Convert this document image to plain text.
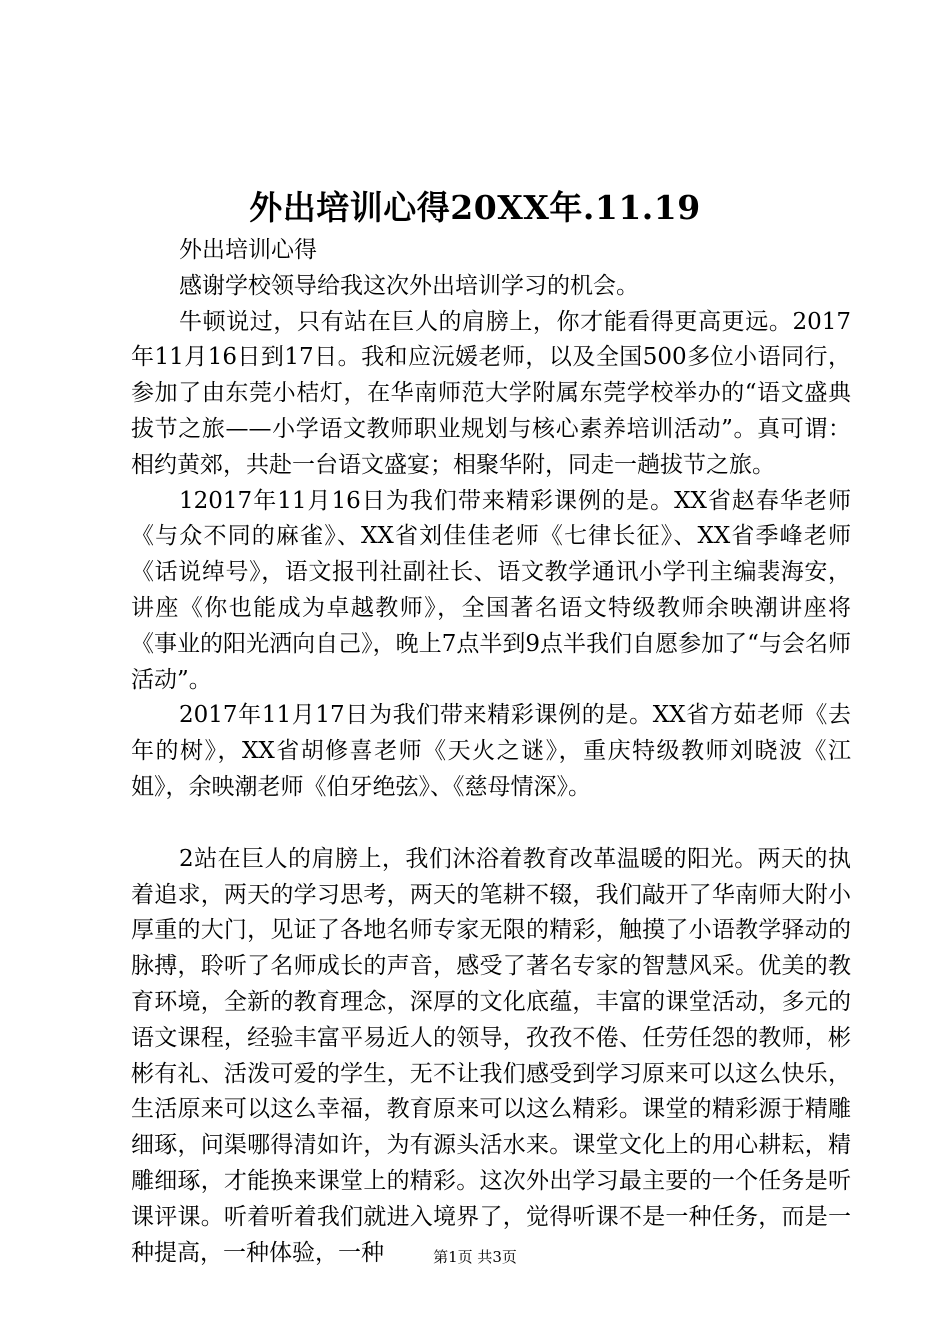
外出培训心得20XX年.11.19

外出培训心得

感谢学校领导给我这次外出培训学习的机会。

牛顿说过，只有站在巨人的肩膀上，你才能看得更高更远。2017年11月16日到17日。我和应沅媛老师，以及全国500多位小语同行，参加了由东莞小桔灯，在华南师范大学附属东莞学校举办的“语文盛典拔节之旅——小学语文教师职业规划与核心素养培训活动”。真可谓：相约黄郊，共赴一台语文盛宴；相聚华附，同走一趟拔节之旅。

12017年11月16日为我们带来精彩课例的是。XX省赵春华老师《与众不同的麻雀》、XX省刘佳佳老师《七律长征》、XX省季峰老师《话说绰号》，语文报刊社副社长、语文教学通讯小学刊主编裴海安，讲座《你也能成为卓越教师》，全国著名语文特级教师余映潮讲座将《事业的阳光洒向自己》，晚上7点半到9点半我们自愿参加了“与会名师活动”。

2017年11月17日为我们带来精彩课例的是。XX省方茹老师《去年的树》，XX省胡修喜老师《天火之谜》，重庆特级教师刘晓波《江姐》，余映潮老师《伯牙绝弦》、《慈母情深》。

2站在巨人的肩膀上，我们沐浴着教育改革温暖的阳光。两天的执着追求，两天的学习思考，两天的笔耕不辍，我们敲开了华南师大附小厚重的大门，见证了各地名师专家无限的精彩，触摸了小语教学驿动的脉搏，聆听了名师成长的声音，感受了著名专家的智慧风采。优美的教育环境，全新的教育理念，深厚的文化底蕴，丰富的课堂活动，多元的语文课程，经验丰富平易近人的领导，孜孜不倦、任劳任怨的教师，彬彬有礼、活泼可爱的学生，无不让我们感受到学习原来可以这么快乐，生活原来可以这么幸福，教育原来可以这么精彩。课堂的精彩源于精雕细琢，问渠哪得清如许，为有源头活水来。课堂文化上的用心耕耘，精雕细琢，才能换来课堂上的精彩。这次外出学习最主要的一个任务是听课评课。听着听着我们就进入境界了，觉得听课不是一种任务，而是一种提高，一种体验，一种	第1页 共3页
